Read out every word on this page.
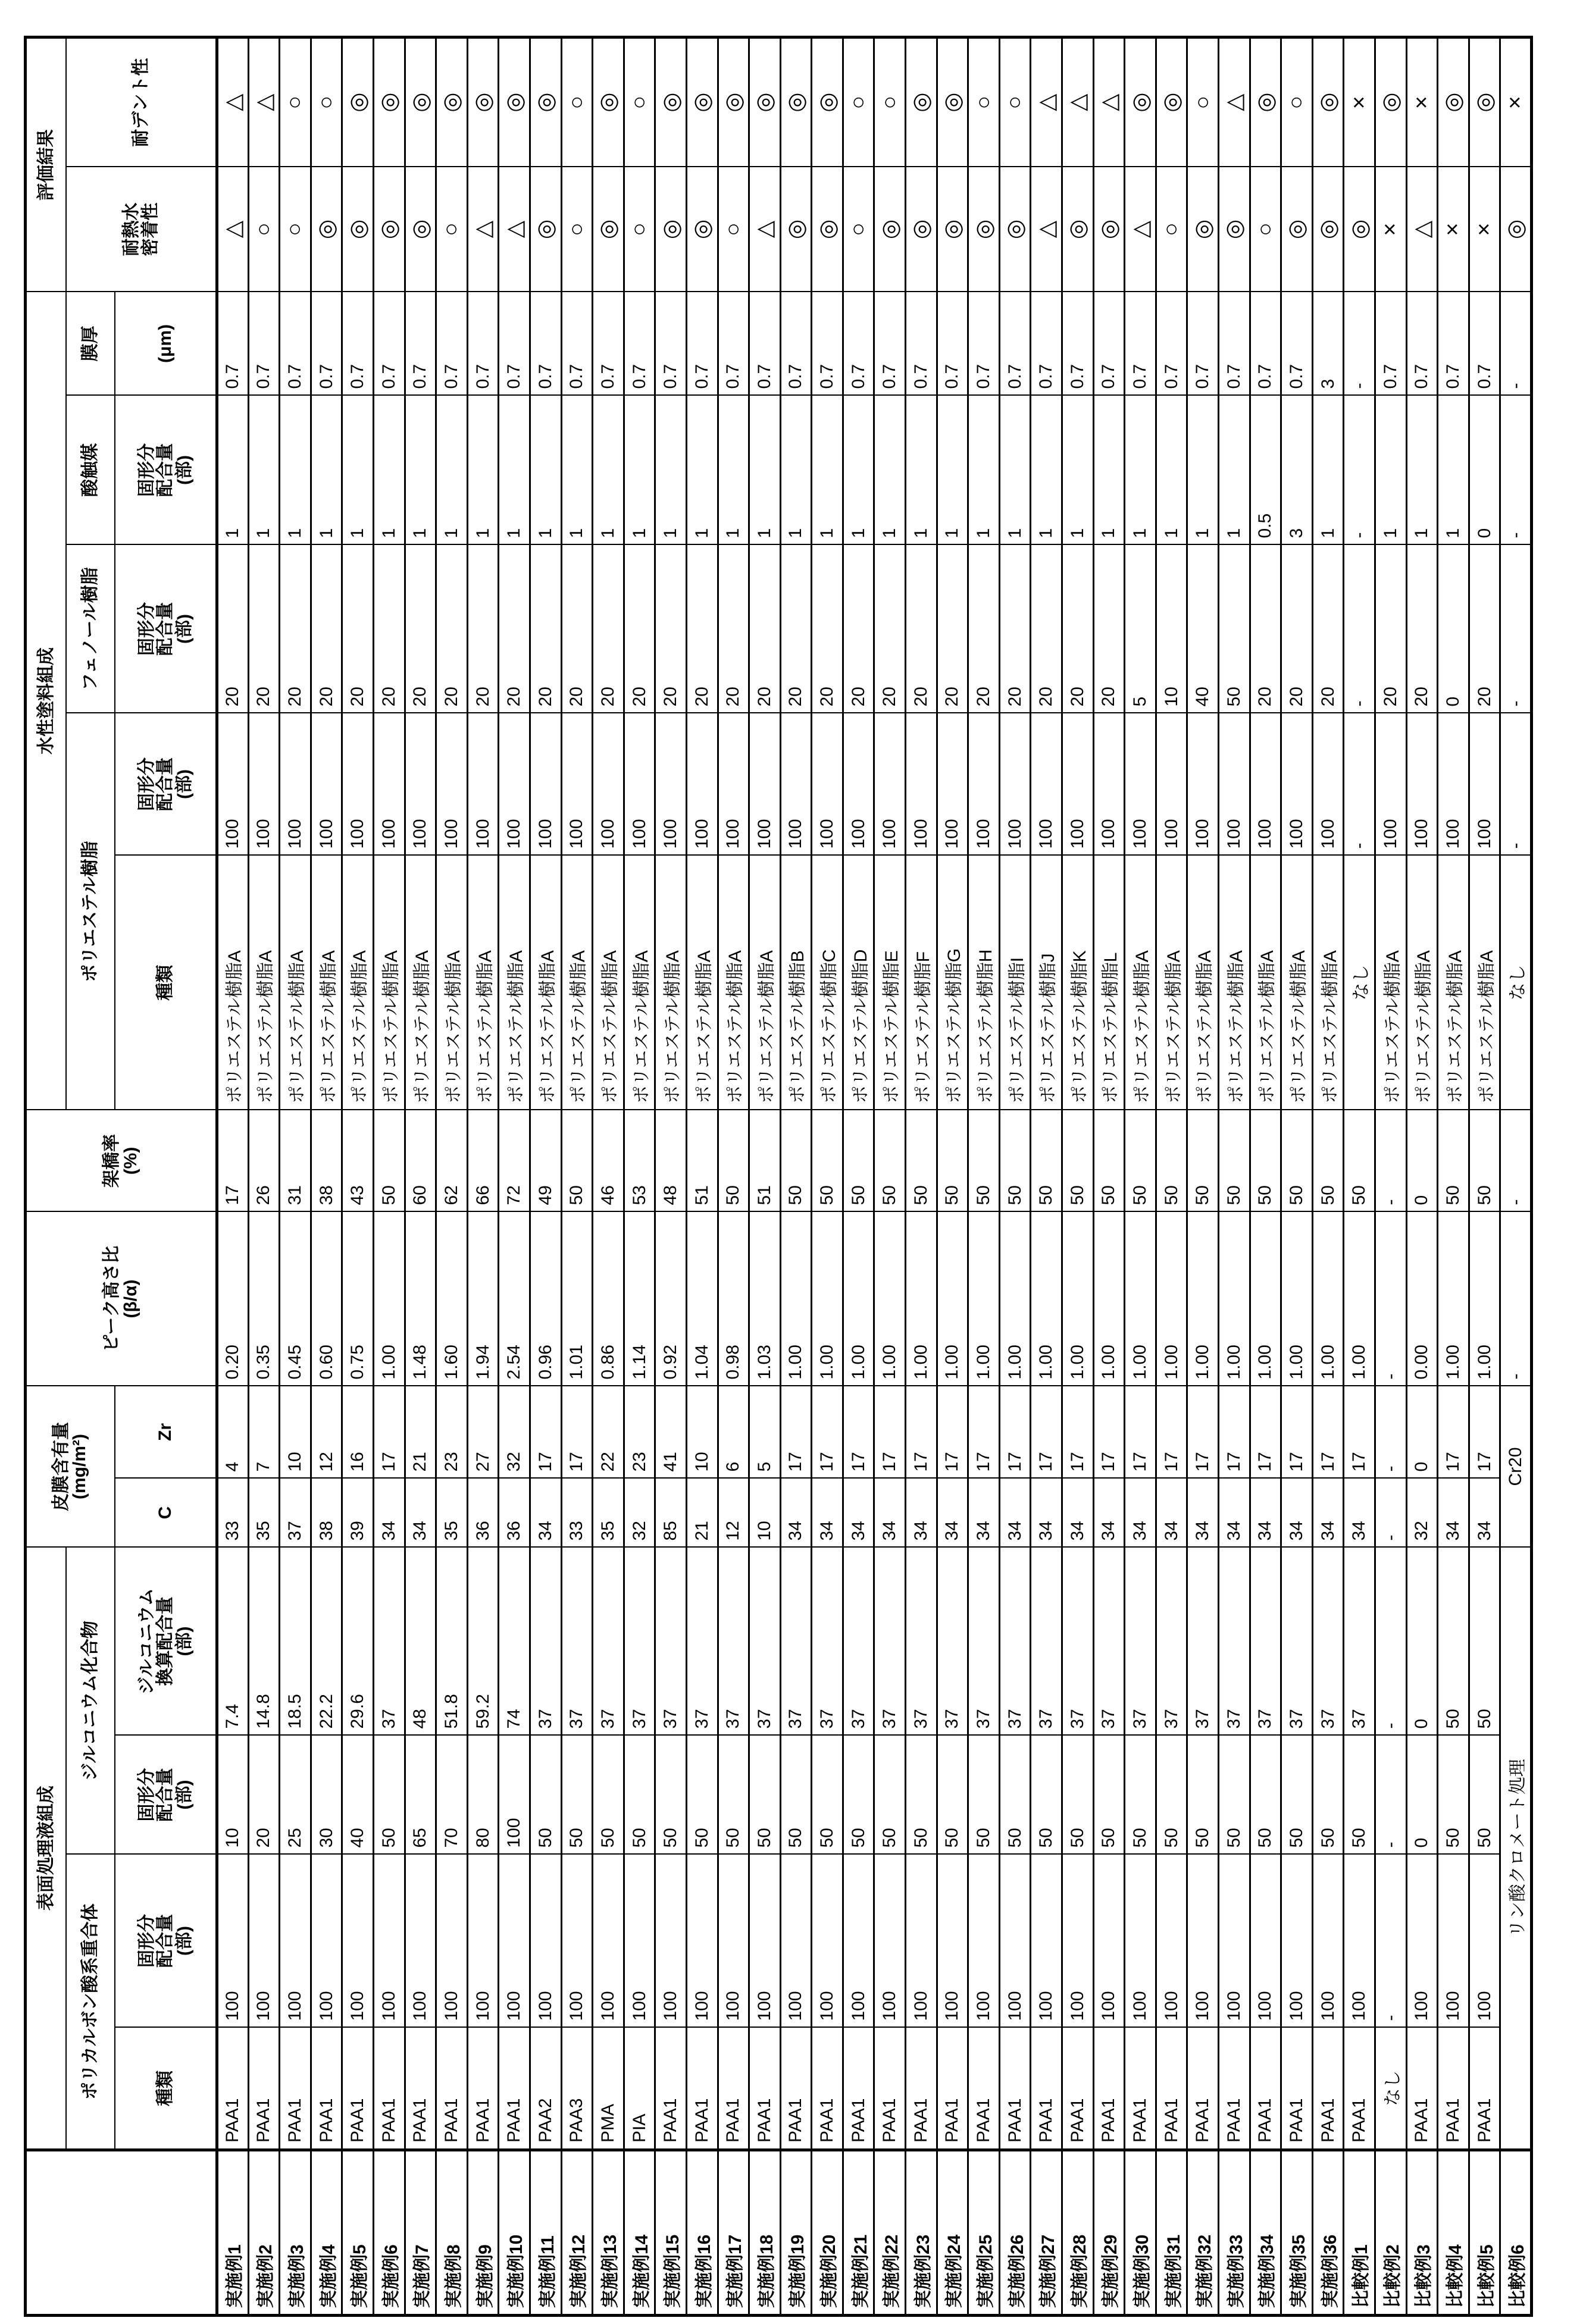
	表面処理液組成	皮膜含有量
(mg/m²)	ピーク高さ比
(β/α)	架橋率
(%)	水性塗料組成	評価結果
ポリカルボン酸系重合体	ジルコニウム化合物	ポリエステル樹脂	フェノール樹脂	酸触媒	膜厚	耐熱水
密着性	耐デント性
種類	固形分
配合量
(部)	固形分
配合量
(部)	ジルコニウム
換算配合量
(部)	C	Zr	種類	固形分
配合量
(部)	固形分
配合量
(部)	固形分
配合量
(部)	(μm)
実施例1	PAA1	100	10	7.4	33	4	0.20	17	ポリエステル樹脂A	100	20	1	0.7	△	△
実施例2	PAA1	100	20	14.8	35	7	0.35	26	ポリエステル樹脂A	100	20	1	0.7	○	△
実施例3	PAA1	100	25	18.5	37	10	0.45	31	ポリエステル樹脂A	100	20	1	0.7	○	○
実施例4	PAA1	100	30	22.2	38	12	0.60	38	ポリエステル樹脂A	100	20	1	0.7	◎	○
実施例5	PAA1	100	40	29.6	39	16	0.75	43	ポリエステル樹脂A	100	20	1	0.7	◎	◎
実施例6	PAA1	100	50	37	34	17	1.00	50	ポリエステル樹脂A	100	20	1	0.7	◎	◎
実施例7	PAA1	100	65	48	34	21	1.48	60	ポリエステル樹脂A	100	20	1	0.7	◎	◎
実施例8	PAA1	100	70	51.8	35	23	1.60	62	ポリエステル樹脂A	100	20	1	0.7	○	◎
実施例9	PAA1	100	80	59.2	36	27	1.94	66	ポリエステル樹脂A	100	20	1	0.7	△	◎
実施例10	PAA1	100	100	74	36	32	2.54	72	ポリエステル樹脂A	100	20	1	0.7	△	◎
実施例11	PAA2	100	50	37	34	17	0.96	49	ポリエステル樹脂A	100	20	1	0.7	◎	◎
実施例12	PAA3	100	50	37	33	17	1.01	50	ポリエステル樹脂A	100	20	1	0.7	○	○
実施例13	PMA	100	50	37	35	22	0.86	46	ポリエステル樹脂A	100	20	1	0.7	◎	◎
実施例14	PIA	100	50	37	32	23	1.14	53	ポリエステル樹脂A	100	20	1	0.7	○	○
実施例15	PAA1	100	50	37	85	41	0.92	48	ポリエステル樹脂A	100	20	1	0.7	◎	◎
実施例16	PAA1	100	50	37	21	10	1.04	51	ポリエステル樹脂A	100	20	1	0.7	◎	◎
実施例17	PAA1	100	50	37	12	6	0.98	50	ポリエステル樹脂A	100	20	1	0.7	○	◎
実施例18	PAA1	100	50	37	10	5	1.03	51	ポリエステル樹脂A	100	20	1	0.7	△	◎
実施例19	PAA1	100	50	37	34	17	1.00	50	ポリエステル樹脂B	100	20	1	0.7	◎	◎
実施例20	PAA1	100	50	37	34	17	1.00	50	ポリエステル樹脂C	100	20	1	0.7	◎	◎
実施例21	PAA1	100	50	37	34	17	1.00	50	ポリエステル樹脂D	100	20	1	0.7	○	○
実施例22	PAA1	100	50	37	34	17	1.00	50	ポリエステル樹脂E	100	20	1	0.7	◎	○
実施例23	PAA1	100	50	37	34	17	1.00	50	ポリエステル樹脂F	100	20	1	0.7	◎	◎
実施例24	PAA1	100	50	37	34	17	1.00	50	ポリエステル樹脂G	100	20	1	0.7	◎	◎
実施例25	PAA1	100	50	37	34	17	1.00	50	ポリエステル樹脂H	100	20	1	0.7	◎	○
実施例26	PAA1	100	50	37	34	17	1.00	50	ポリエステル樹脂I	100	20	1	0.7	◎	○
実施例27	PAA1	100	50	37	34	17	1.00	50	ポリエステル樹脂J	100	20	1	0.7	△	△
実施例28	PAA1	100	50	37	34	17	1.00	50	ポリエステル樹脂K	100	20	1	0.7	◎	△
実施例29	PAA1	100	50	37	34	17	1.00	50	ポリエステル樹脂L	100	20	1	0.7	◎	△
実施例30	PAA1	100	50	37	34	17	1.00	50	ポリエステル樹脂A	100	5	1	0.7	△	◎
実施例31	PAA1	100	50	37	34	17	1.00	50	ポリエステル樹脂A	100	10	1	0.7	○	◎
実施例32	PAA1	100	50	37	34	17	1.00	50	ポリエステル樹脂A	100	40	1	0.7	◎	○
実施例33	PAA1	100	50	37	34	17	1.00	50	ポリエステル樹脂A	100	50	1	0.7	◎	△
実施例34	PAA1	100	50	37	34	17	1.00	50	ポリエステル樹脂A	100	20	0.5	0.7	○	◎
実施例35	PAA1	100	50	37	34	17	1.00	50	ポリエステル樹脂A	100	20	3	0.7	◎	○
実施例36	PAA1	100	50	37	34	17	1.00	50	ポリエステル樹脂A	100	20	1	3	◎	◎
比較例1	PAA1	100	50	37	34	17	1.00	50	なし	-	-	-	-	◎	×
比較例2	なし	-	-	-	-	-	-	-	ポリエステル樹脂A	100	20	1	0.7	×	◎
比較例3	PAA1	100	0	0	32	0	0.00	0	ポリエステル樹脂A	100	20	1	0.7	△	×
比較例4	PAA1	100	50	50	34	17	1.00	50	ポリエステル樹脂A	100	0	1	0.7	×	◎
比較例5	PAA1	100	50	50	34	17	1.00	50	ポリエステル樹脂A	100	20	0	0.7	×	◎
比較例6	リン酸クロメート処理	Cr20	-	-	なし	-	-	-	-	◎	×
